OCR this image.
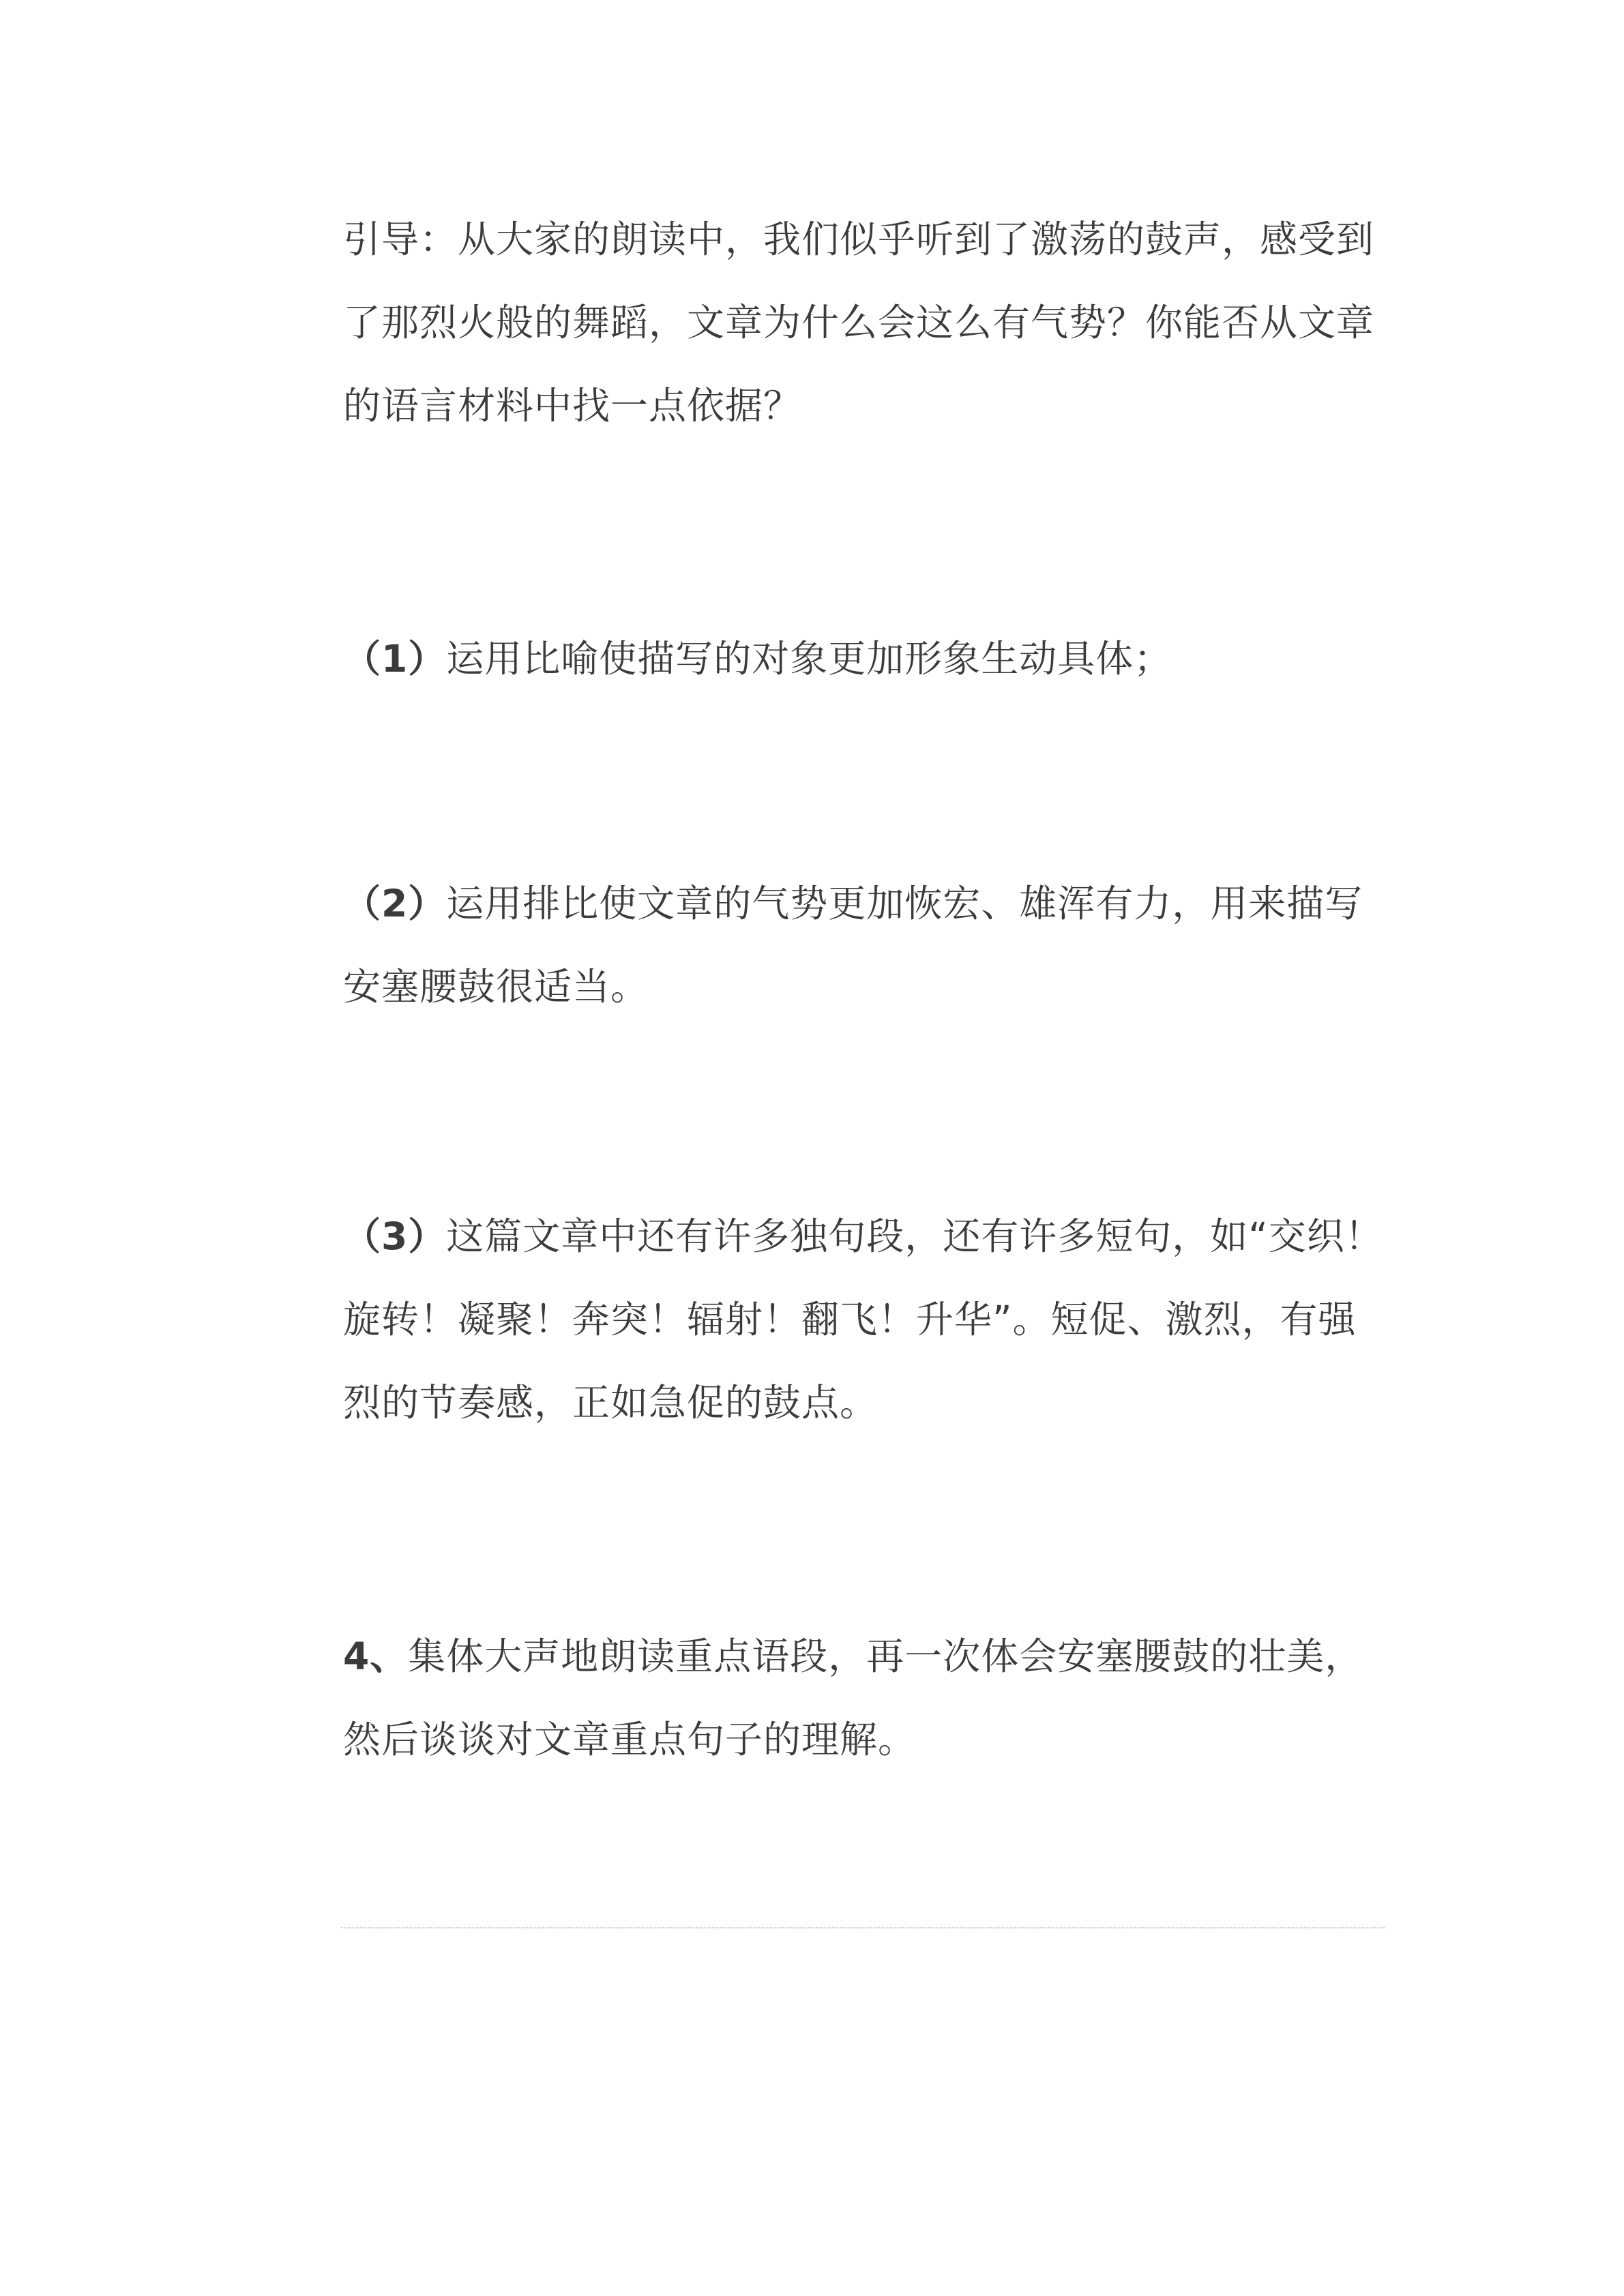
引导：从大家的朗读中，我们似乎听到了激荡的鼓声，感受到了那烈火般的舞蹈，文章为什么会这么有气势？你能否从文章的语言材料中找一点依据？

（1）运用比喻使描写的对象更加形象生动具体；

（2）运用排比使文章的气势更加恢宏、雄浑有力，用来描写安塞腰鼓很适当。

（3）这篇文章中还有许多独句段，还有许多短句，如“交织！旋转！凝聚！奔突！辐射！翻飞！升华”。短促、激烈，有强烈的节奏感，正如急促的鼓点。

4、集体大声地朗读重点语段，再一次体会安塞腰鼓的壮美，然后谈谈对文章重点句子的理解。
